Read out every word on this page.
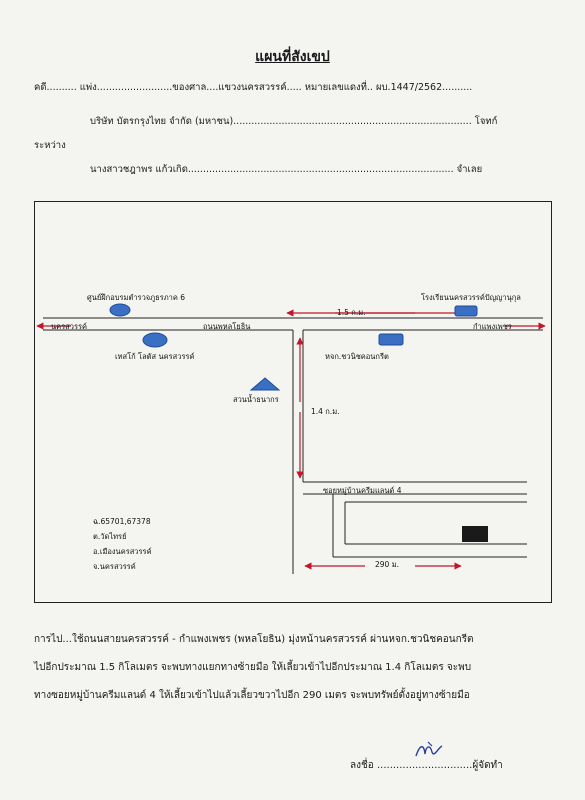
แผนที่สังเขป
คดี.......... แพ่ง.........................ของศาล....แขวงนครสวรรค์..... หมายเลขแดงที่.. ผบ.1447/2562..........
บริษัท บัตรกรุงไทย จำกัด (มหาชน)............................................................................... โจทก์
ระหว่าง
นางสาวชฎาพร แก้วเกิด........................................................................................ จำเลย
ศูนย์ฝึกอบรมตำรวจภูธรภาค 6	โรงเรียนนครสวรรค์ปัญญานุกุล
1.5 ก.ม.
นครสวรรค์	ถนนพหลโยธิน	กำแพงเพชร
เทสโก้ โลตัส นครสวรรค์	หจก.ชวนิชคอนกรีต
สวนน้ำธนากร
1.4 ก.ม.
ซอยหมู่บ้านครีมแลนด์ 4
ฉ.65701,67378
ต.วัดไทรย์
อ.เมืองนครสวรรค์
จ.นครสวรรค์	290 ม.
การไป...ใช้ถนนสายนครสวรรค์ - กำแพงเพชร (พหลโยธิน) มุ่งหน้านครสวรรค์ ผ่านหจก.ชวนิชคอนกรีต
ไปอีกประมาณ 1.5 กิโลเมตร จะพบทางแยกทางซ้ายมือ ให้เลี้ยวเข้าไปอีกประมาณ 1.4 กิโลเมตร จะพบ
ทางซอยหมู่บ้านครีมแลนด์ 4 ให้เลี้ยวเข้าไปแล้วเลี้ยวขวาไปอีก 290 เมตร จะพบทรัพย์ตั้งอยู่ทางซ้ายมือ
ลงชื่อ ..............................ผู้จัดทำ
